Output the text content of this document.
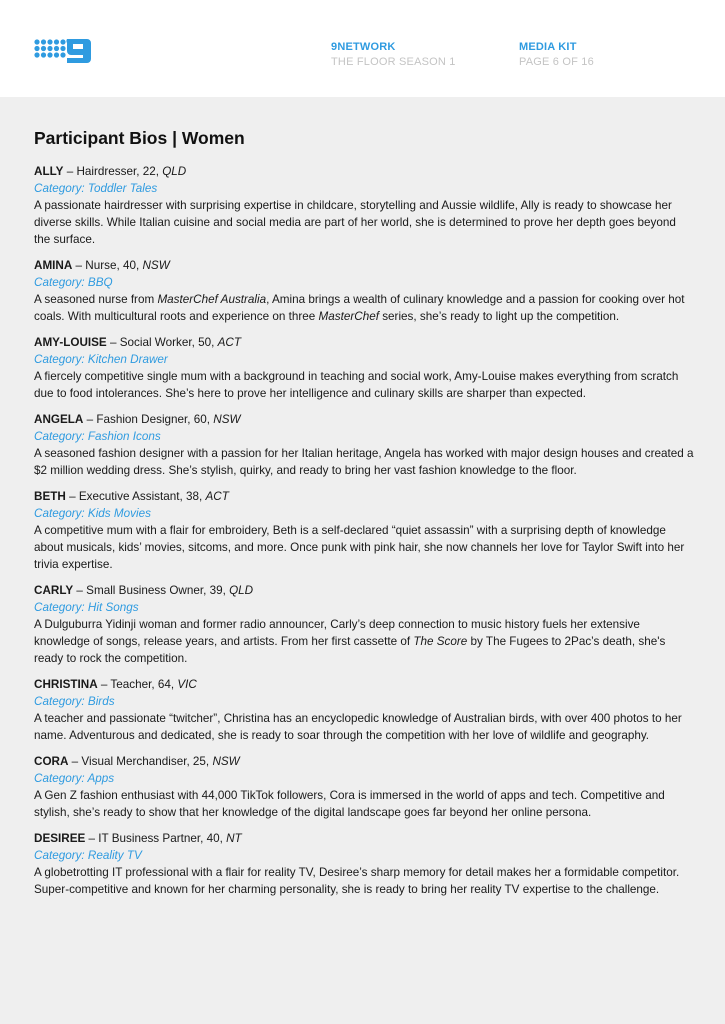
9NETWORK
THE FLOOR SEASON 1
MEDIA KIT
PAGE 6 OF 16
Participant Bios | Women
ALLY – Hairdresser, 22, QLD
Category: Toddler Tales
A passionate hairdresser with surprising expertise in childcare, storytelling and Aussie wildlife, Ally is ready to showcase her diverse skills. While Italian cuisine and social media are part of her world, she is determined to prove her depth goes beyond the surface.
AMINA – Nurse, 40, NSW
Category: BBQ
A seasoned nurse from MasterChef Australia, Amina brings a wealth of culinary knowledge and a passion for cooking over hot coals. With multicultural roots and experience on three MasterChef series, she’s ready to light up the competition.
AMY-LOUISE – Social Worker, 50, ACT
Category: Kitchen Drawer
A fiercely competitive single mum with a background in teaching and social work, Amy-Louise makes everything from scratch due to food intolerances. She’s here to prove her intelligence and culinary skills are sharper than expected.
ANGELA – Fashion Designer, 60, NSW
Category: Fashion Icons
A seasoned fashion designer with a passion for her Italian heritage, Angela has worked with major design houses and created a $2 million wedding dress. She’s stylish, quirky, and ready to bring her vast fashion knowledge to the floor.
BETH – Executive Assistant, 38, ACT
Category: Kids Movies
A competitive mum with a flair for embroidery, Beth is a self-declared “quiet assassin” with a surprising depth of knowledge about musicals, kids’ movies, sitcoms, and more. Once punk with pink hair, she now channels her love for Taylor Swift into her trivia expertise.
CARLY – Small Business Owner, 39, QLD
Category: Hit Songs
A Dulguburra Yidinji woman and former radio announcer, Carly’s deep connection to music history fuels her extensive knowledge of songs, release years, and artists. From her first cassette of The Score by The Fugees to 2Pac’s death, she's ready to rock the competition.
CHRISTINA – Teacher, 64, VIC
Category: Birds
A teacher and passionate “twitcher”, Christina has an encyclopedic knowledge of Australian birds, with over 400 photos to her name. Adventurous and dedicated, she is ready to soar through the competition with her love of wildlife and geography.
CORA – Visual Merchandiser, 25, NSW
Category: Apps
A Gen Z fashion enthusiast with 44,000 TikTok followers, Cora is immersed in the world of apps and tech. Competitive and stylish, she’s ready to show that her knowledge of the digital landscape goes far beyond her online persona.
DESIREE – IT Business Partner, 40, NT
Category: Reality TV
A globetrotting IT professional with a flair for reality TV, Desiree’s sharp memory for detail makes her a formidable competitor. Super-competitive and known for her charming personality, she is ready to bring her reality TV expertise to the challenge.
